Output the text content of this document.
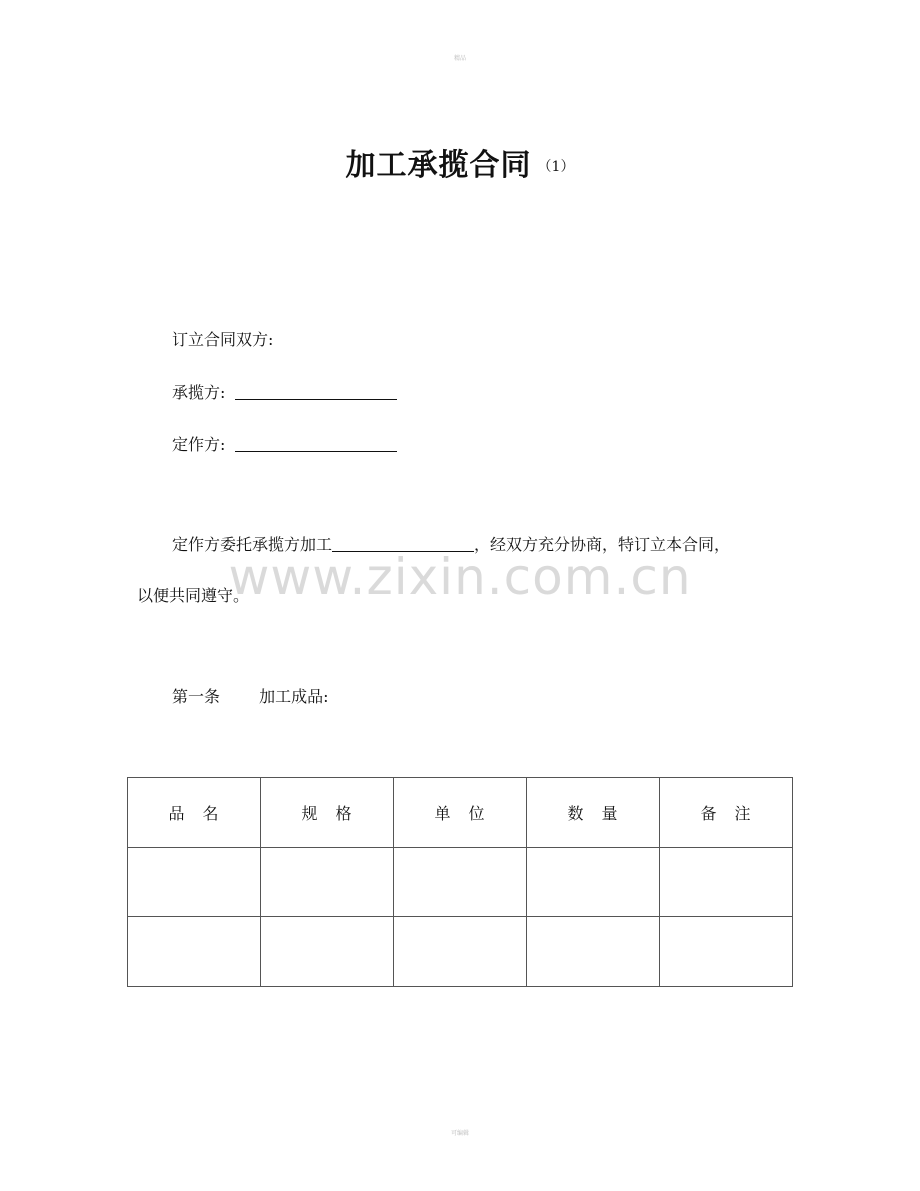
精品
加工承揽合同 （1）
订立合同双方:
承揽方:
定作方:
www.zixin.com.cn
定作方委托承揽方加工	，经双方充分协商，特订立本合同，
以便共同遵守。
第一条 加工成品:
品名	规格	单位	数量	备注

可编辑
